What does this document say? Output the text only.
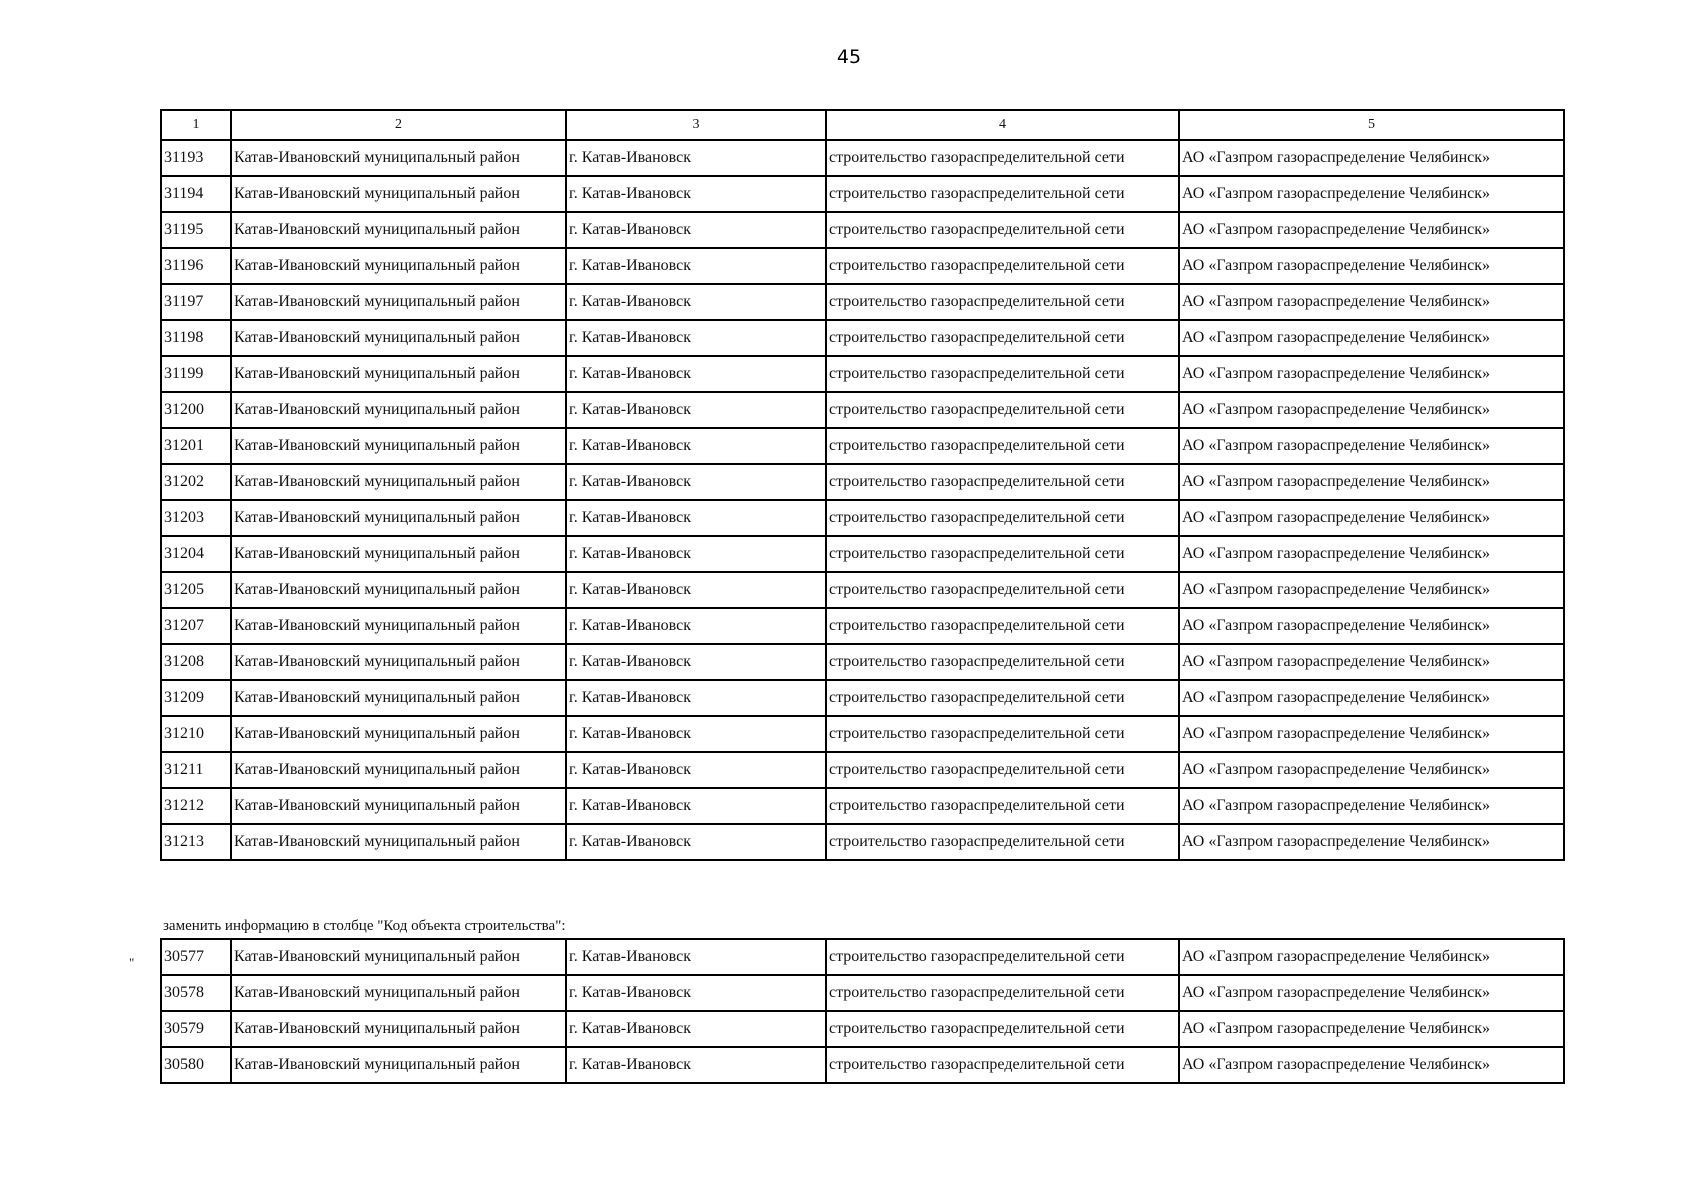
45
1	2	3	4	5
31193	Катав-Ивановский муниципальный район	г. Катав-Ивановск	строительство газораспределительной сети	АО «Газпром газораспределение Челябинск»
31194	Катав-Ивановский муниципальный район	г. Катав-Ивановск	строительство газораспределительной сети	АО «Газпром газораспределение Челябинск»
31195	Катав-Ивановский муниципальный район	г. Катав-Ивановск	строительство газораспределительной сети	АО «Газпром газораспределение Челябинск»
31196	Катав-Ивановский муниципальный район	г. Катав-Ивановск	строительство газораспределительной сети	АО «Газпром газораспределение Челябинск»
31197	Катав-Ивановский муниципальный район	г. Катав-Ивановск	строительство газораспределительной сети	АО «Газпром газораспределение Челябинск»
31198	Катав-Ивановский муниципальный район	г. Катав-Ивановск	строительство газораспределительной сети	АО «Газпром газораспределение Челябинск»
31199	Катав-Ивановский муниципальный район	г. Катав-Ивановск	строительство газораспределительной сети	АО «Газпром газораспределение Челябинск»
31200	Катав-Ивановский муниципальный район	г. Катав-Ивановск	строительство газораспределительной сети	АО «Газпром газораспределение Челябинск»
31201	Катав-Ивановский муниципальный район	г. Катав-Ивановск	строительство газораспределительной сети	АО «Газпром газораспределение Челябинск»
31202	Катав-Ивановский муниципальный район	г. Катав-Ивановск	строительство газораспределительной сети	АО «Газпром газораспределение Челябинск»
31203	Катав-Ивановский муниципальный район	г. Катав-Ивановск	строительство газораспределительной сети	АО «Газпром газораспределение Челябинск»
31204	Катав-Ивановский муниципальный район	г. Катав-Ивановск	строительство газораспределительной сети	АО «Газпром газораспределение Челябинск»
31205	Катав-Ивановский муниципальный район	г. Катав-Ивановск	строительство газораспределительной сети	АО «Газпром газораспределение Челябинск»
31207	Катав-Ивановский муниципальный район	г. Катав-Ивановск	строительство газораспределительной сети	АО «Газпром газораспределение Челябинск»
31208	Катав-Ивановский муниципальный район	г. Катав-Ивановск	строительство газораспределительной сети	АО «Газпром газораспределение Челябинск»
31209	Катав-Ивановский муниципальный район	г. Катав-Ивановск	строительство газораспределительной сети	АО «Газпром газораспределение Челябинск»
31210	Катав-Ивановский муниципальный район	г. Катав-Ивановск	строительство газораспределительной сети	АО «Газпром газораспределение Челябинск»
31211	Катав-Ивановский муниципальный район	г. Катав-Ивановск	строительство газораспределительной сети	АО «Газпром газораспределение Челябинск»
31212	Катав-Ивановский муниципальный район	г. Катав-Ивановск	строительство газораспределительной сети	АО «Газпром газораспределение Челябинск»
31213	Катав-Ивановский муниципальный район	г. Катав-Ивановск	строительство газораспределительной сети	АО «Газпром газораспределение Челябинск»
заменить информацию в столбце "Код объекта строительства":
" 30577	Катав-Ивановский муниципальный район	г. Катав-Ивановск	строительство газораспределительной сети	АО «Газпром газораспределение Челябинск»
30578	Катав-Ивановский муниципальный район	г. Катав-Ивановск	строительство газораспределительной сети	АО «Газпром газораспределение Челябинск»
30579	Катав-Ивановский муниципальный район	г. Катав-Ивановск	строительство газораспределительной сети	АО «Газпром газораспределение Челябинск»
30580	Катав-Ивановский муниципальный район	г. Катав-Ивановск	строительство газораспределительной сети	АО «Газпром газораспределение Челябинск»
